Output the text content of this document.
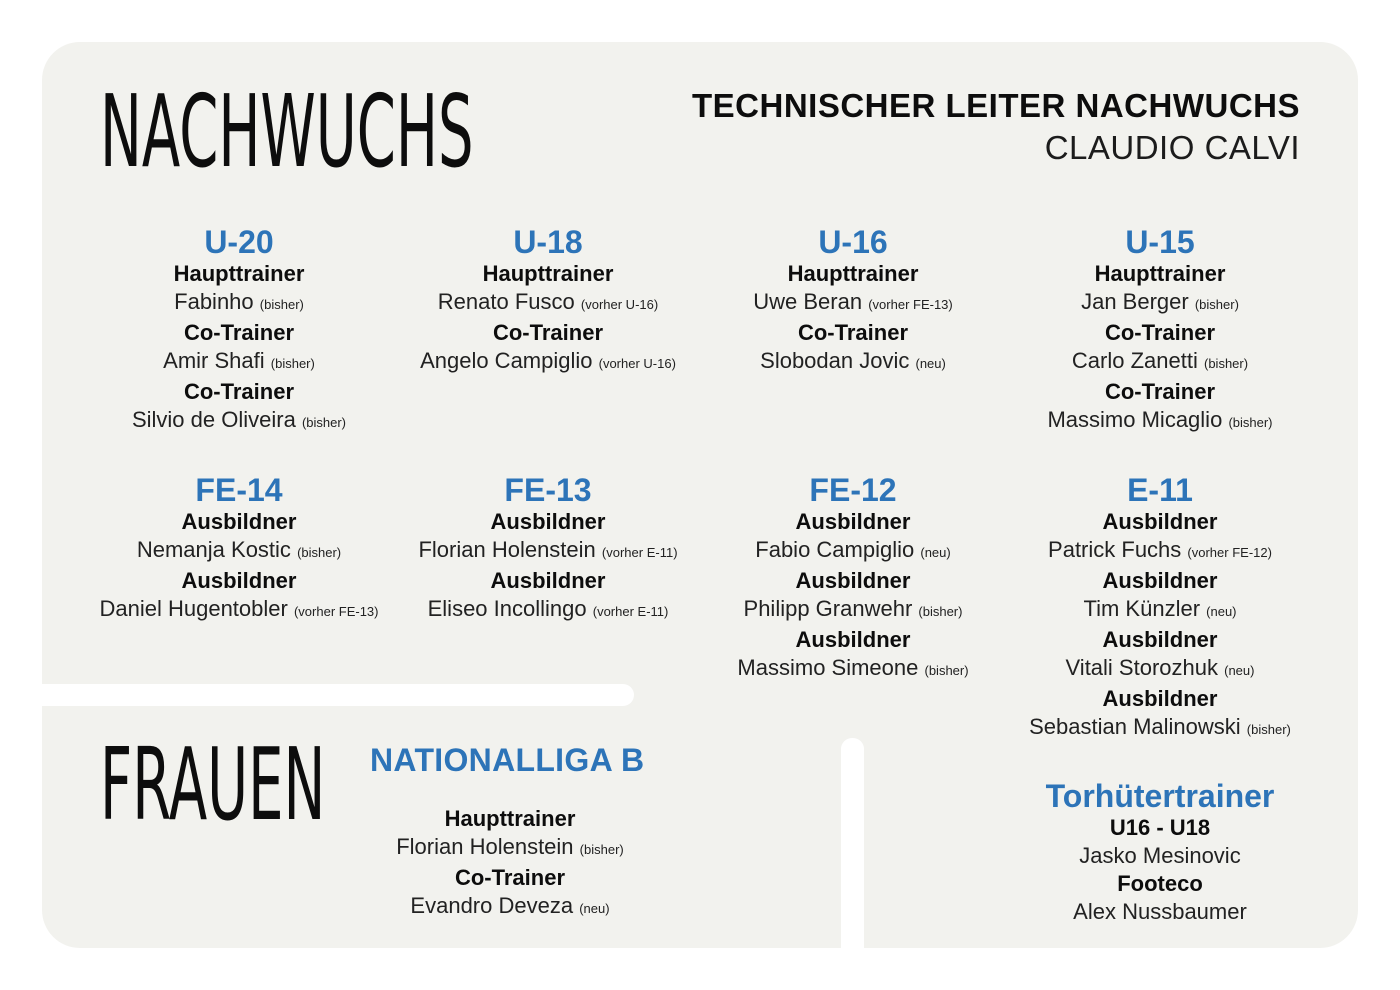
NACHWUCHS	TECHNISCHER LEITER NACHWUCHS
CLAUDIO CALVI
U-20
Haupttrainer
Fabinho (bisher)
Co-Trainer
Amir Shafi (bisher)
Co-Trainer
Silvio de Oliveira (bisher)
U-18
Haupttrainer
Renato Fusco (vorher U-16)
Co-Trainer
Angelo Campiglio (vorher U-16)
U-16
Haupttrainer
Uwe Beran (vorher FE-13)
Co-Trainer
Slobodan Jovic (neu)
U-15
Haupttrainer
Jan Berger (bisher)
Co-Trainer
Carlo Zanetti (bisher)
Co-Trainer
Massimo Micaglio (bisher)
FE-14
Ausbildner
Nemanja Kostic (bisher)
Ausbildner
Daniel Hugentobler (vorher FE-13)
FE-13
Ausbildner
Florian Holenstein (vorher E-11)
Ausbildner
Eliseo Incollingo (vorher E-11)
FE-12
Ausbildner
Fabio Campiglio (neu)
Ausbildner
Philipp Granwehr (bisher)
Ausbildner
Massimo Simeone (bisher)
E-11
Ausbildner
Patrick Fuchs (vorher FE-12)
Ausbildner
Tim Künzler (neu)
Ausbildner
Vitali Storozhuk (neu)
Ausbildner
Sebastian Malinowski (bisher)
FRAUEN NATIONALLIGA B
Haupttrainer
Florian Holenstein (bisher)
Co-Trainer
Evandro Deveza (neu)
Torhütertrainer
U16 - U18
Jasko Mesinovic
Footeco
Alex Nussbaumer
